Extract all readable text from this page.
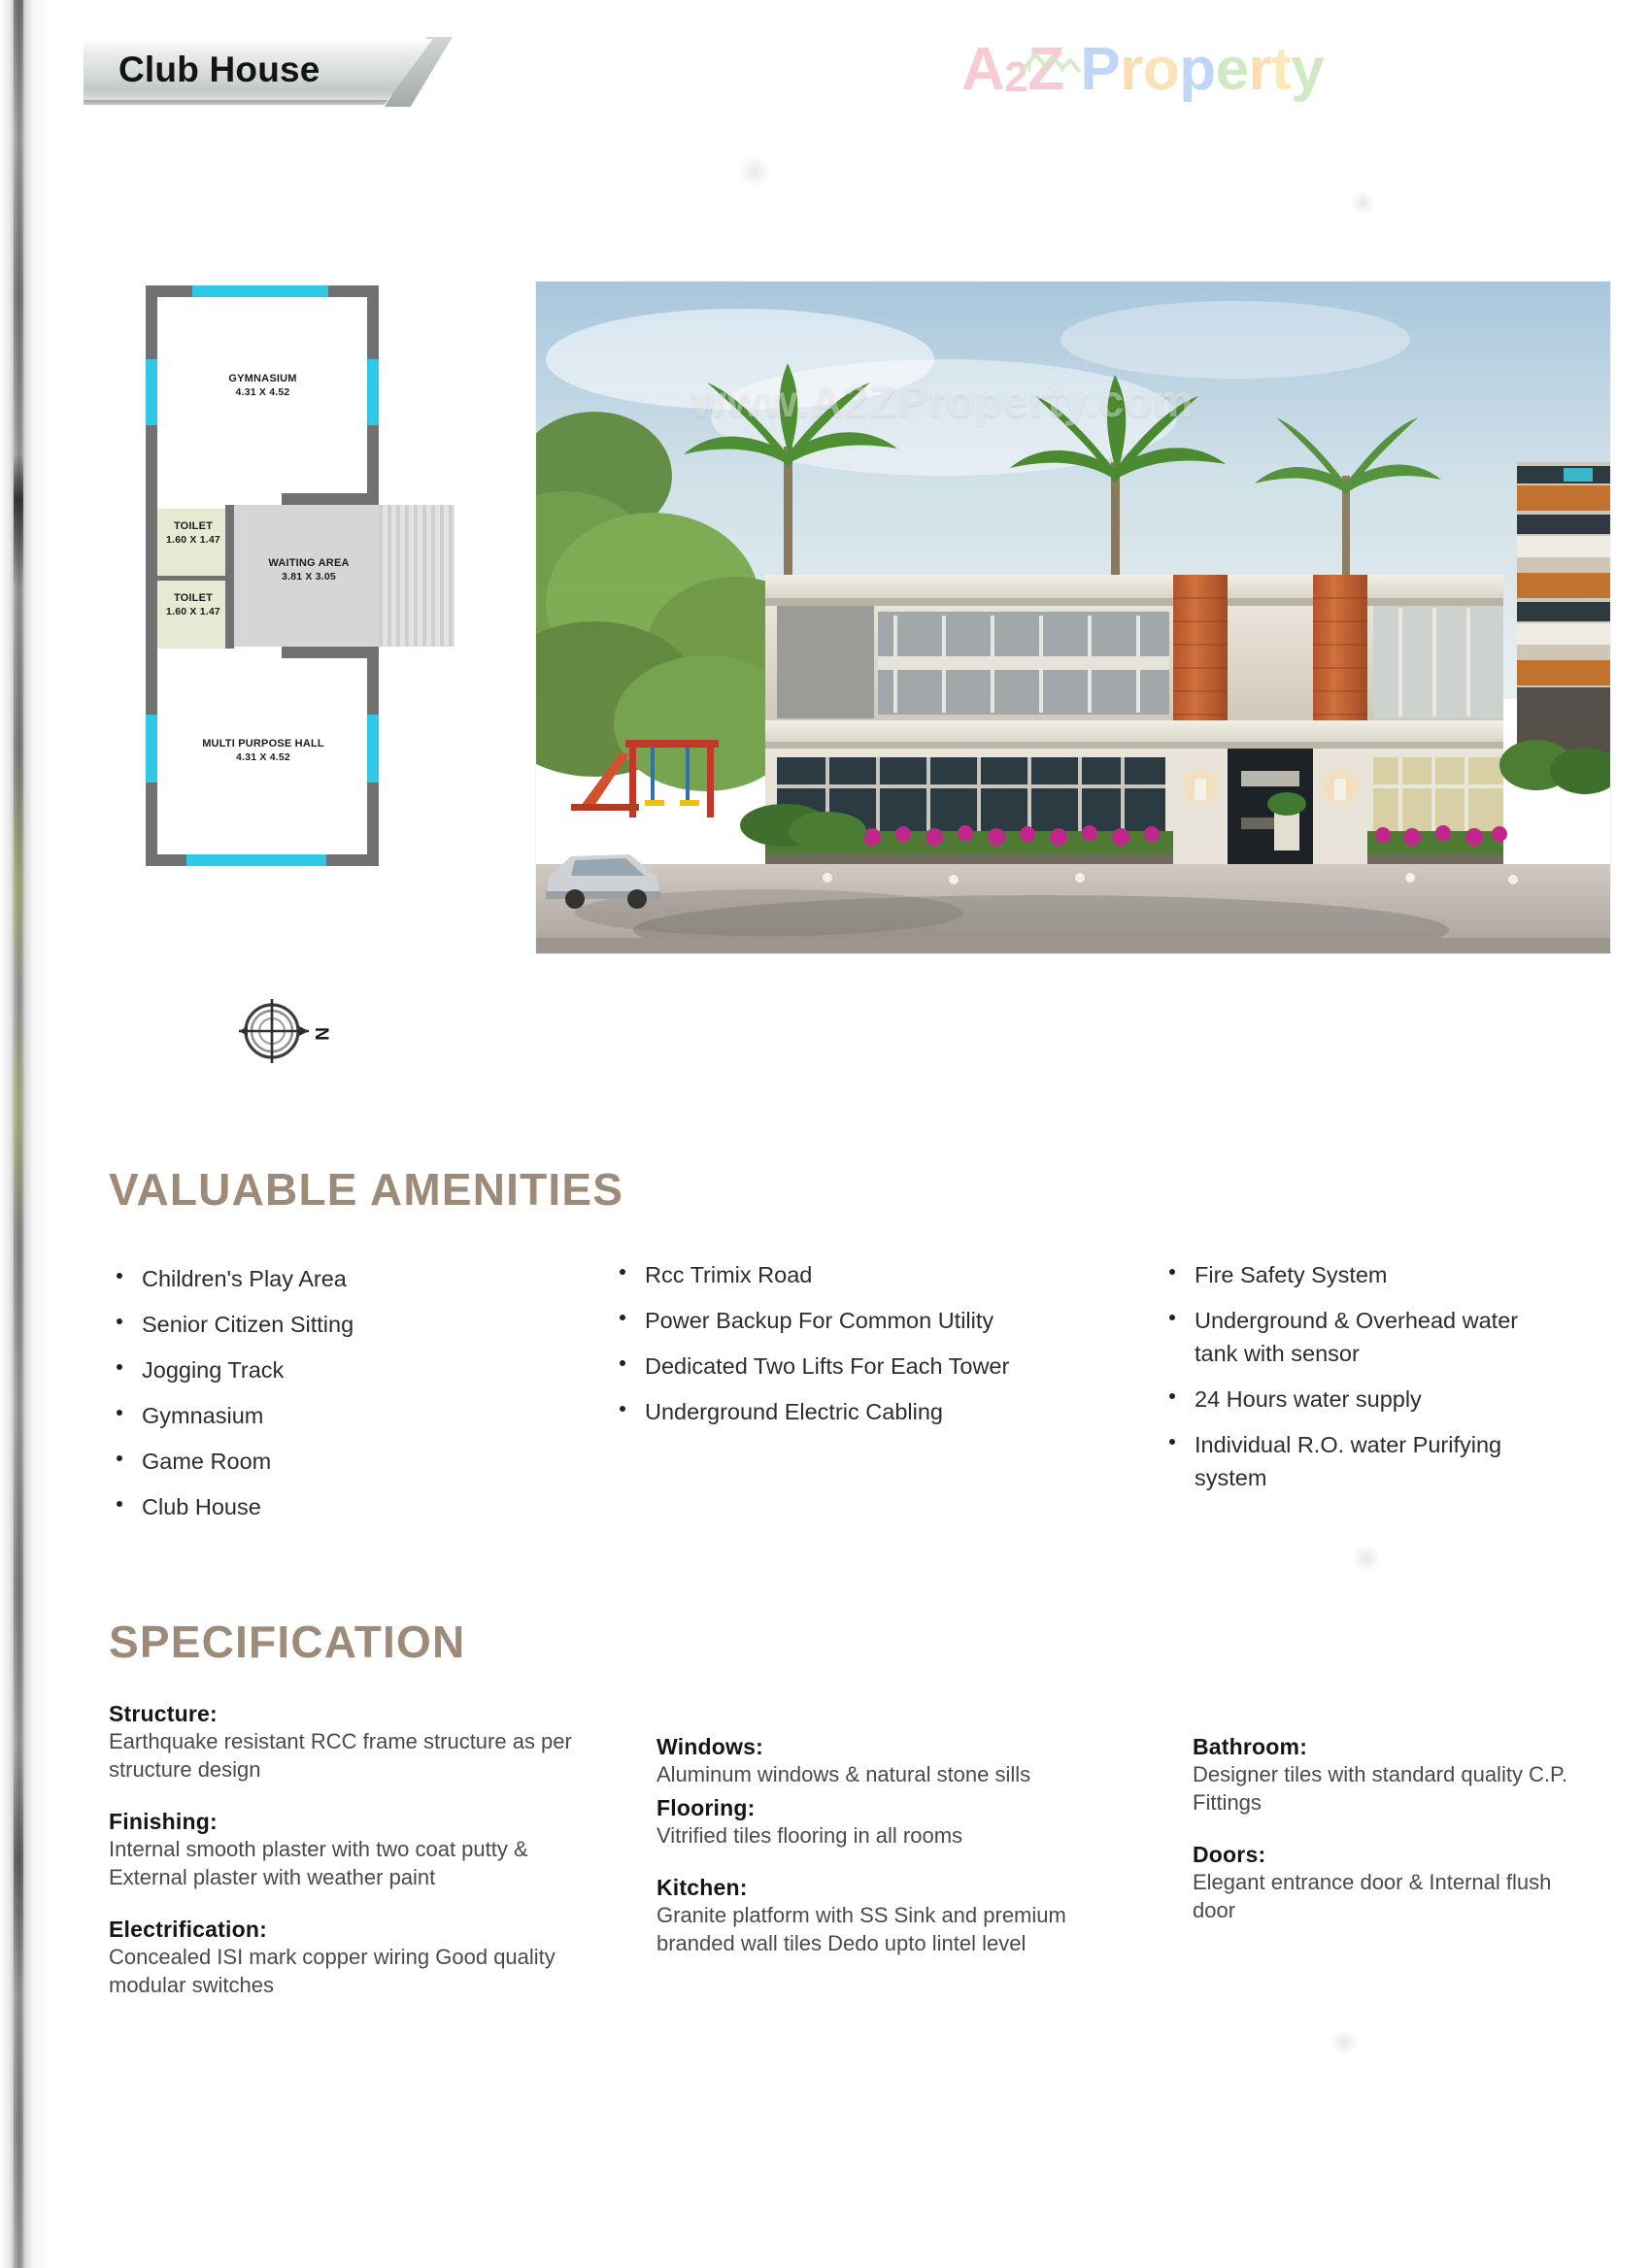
Club House	A2Z Property
GYMNASIUM
4.31 X 4.52
TOILET
1.60 X 1.47
TOILET
1.60 X 1.47
WAITING AREA
3.81 X 3.05
MULTI PURPOSE HALL
4.31 X 4.52
N
www.A2ZProperty.com
VALUABLE AMENITIES
Children's Play Area
Senior Citizen Sitting
Jogging Track
Gymnasium
Game Room
Club House
Rcc Trimix Road
Power Backup For Common Utility
Dedicated Two Lifts For Each Tower
Underground Electric Cabling
Fire Safety System
Underground & Overhead water tank with sensor
24 Hours water supply
Individual R.O. water Purifying system
SPECIFICATION
Structure:
Earthquake resistant RCC frame structure as per structure design
Finishing:
Internal smooth plaster with two coat putty & External plaster with weather paint
Electrification:
Concealed ISI mark copper wiring Good quality modular switches
Windows:
Aluminum windows & natural stone sills
Flooring:
Vitrified tiles flooring in all rooms
Kitchen:
Granite platform with SS Sink and premium branded wall tiles Dedo upto lintel level
Bathroom:
Designer tiles with standard quality C.P. Fittings
Doors:
Elegant entrance door & Internal flush door
